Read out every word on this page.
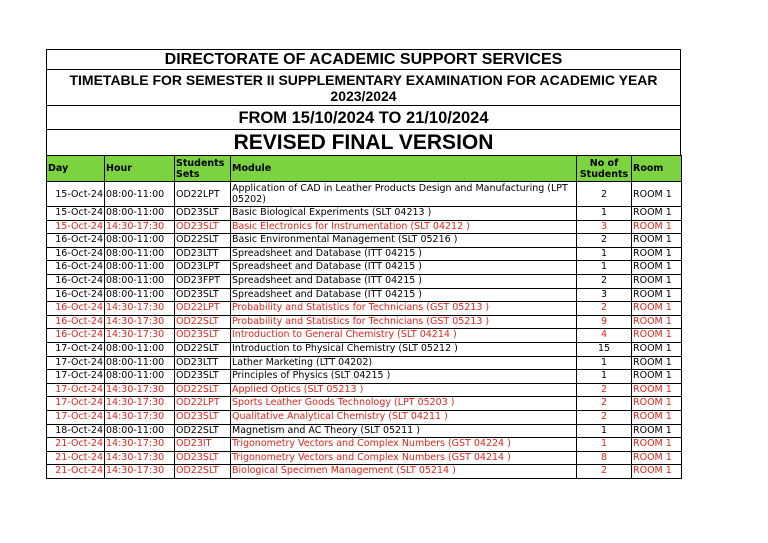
DIRECTORATE OF ACADEMIC SUPPORT SERVICES
TIMETABLE FOR SEMESTER II SUPPLEMENTARY EXAMINATION FOR ACADEMIC YEAR 2023/2024
FROM 15/10/2024 TO 21/10/2024
REVISED FINAL VERSION
Day	Hour	Students Sets	Module	No of Students	Room
15-Oct-24	08:00-11:00	OD22LPT	Application of CAD in Leather Products Design and Manufacturing (LPT 05202)	2	ROOM 1
15-Oct-24	08:00-11:00	OD23SLT	Basic Biological Experiments (SLT 04213 )	1	ROOM 1
15-Oct-24	14:30-17:30	OD23SLT	Basic Electronics for Instrumentation (SLT 04212 )	3	ROOM 1
16-Oct-24	08:00-11:00	OD22SLT	Basic Environmental Management (SLT 05216 )	2	ROOM 1
16-Oct-24	08:00-11:00	OD23LTT	Spreadsheet and Database (ITT 04215 )	1	ROOM 1
16-Oct-24	08:00-11:00	OD23LPT	Spreadsheet and Database (ITT 04215 )	1	ROOM 1
16-Oct-24	08:00-11:00	OD23FPT	Spreadsheet and Database (ITT 04215 )	2	ROOM 1
16-Oct-24	08:00-11:00	OD23SLT	Spreadsheet and Database (ITT 04215 )	3	ROOM 1
16-Oct-24	14:30-17:30	OD22LPT	Probability and Statistics for Technicians (GST 05213 )	2	ROOM 1
16-Oct-24	14:30-17:30	OD22SLT	Probability and Statistics for Technicians (GST 05213 )	9	ROOM 1
16-Oct-24	14:30-17:30	OD23SLT	Introduction to General Chemistry (SLT 04214 )	4	ROOM 1
17-Oct-24	08:00-11:00	OD22SLT	Introduction to Physical Chemistry (SLT 05212 )	15	ROOM 1
17-Oct-24	08:00-11:00	OD23LTT	Lather Marketing (LTT 04202)	1	ROOM 1
17-Oct-24	08:00-11:00	OD23SLT	Principles of Physics (SLT 04215 )	1	ROOM 1
17-Oct-24	14:30-17:30	OD22SLT	Applied Optics (SLT 05213 )	2	ROOM 1
17-Oct-24	14:30-17:30	OD22LPT	Sports Leather Goods Technology (LPT 05203 )	2	ROOM 1
17-Oct-24	14:30-17:30	OD23SLT	Qualitative Analytical Chemistry (SLT 04211 )	2	ROOM 1
18-Oct-24	08:00-11:00	OD22SLT	Magnetism and AC Theory (SLT 05211 )	1	ROOM 1
21-Oct-24	14:30-17:30	OD23IT	Trigonometry Vectors and Complex Numbers (GST 04224 )	1	ROOM 1
21-Oct-24	14:30-17:30	OD23SLT	Trigonometry Vectors and Complex Numbers (GST 04214 )	8	ROOM 1
21-Oct-24	14:30-17:30	OD22SLT	Biological Specimen Management (SLT 05214 )	2	ROOM 1
